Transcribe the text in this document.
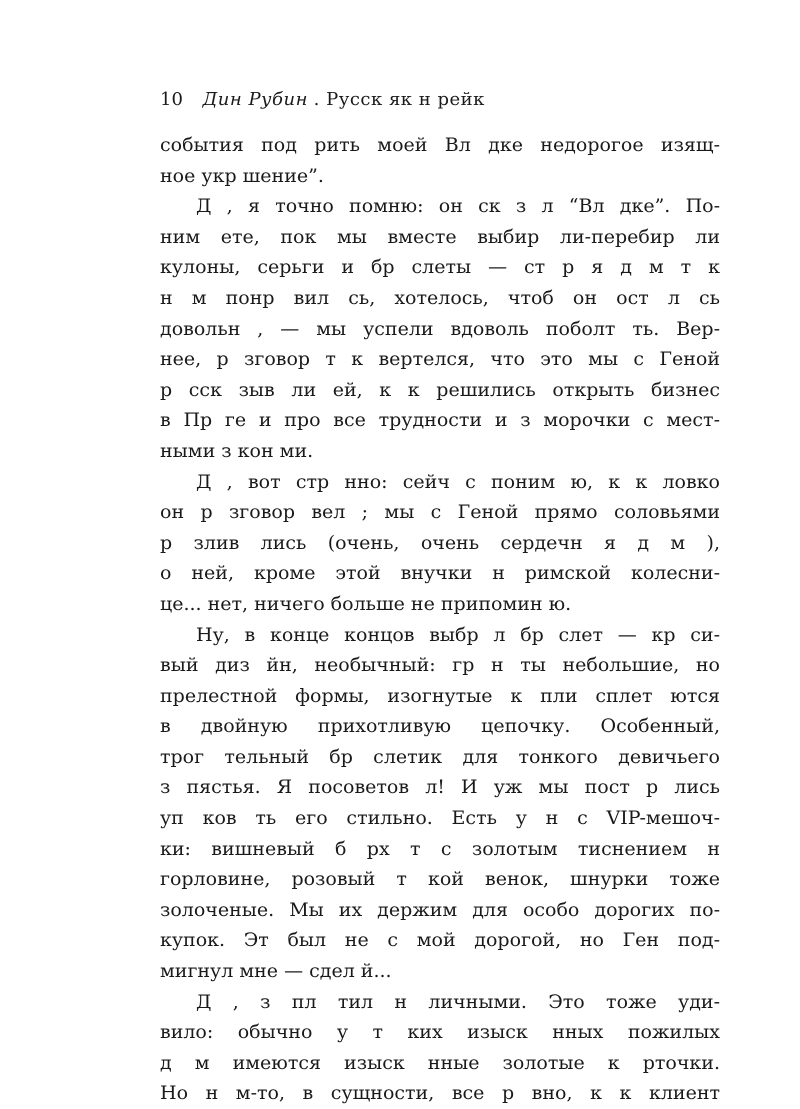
10 Дин Рубин . Русск як н рейк
события под рить моей Вл дке недорогое изящ-
ное укр шение”.
Д , я точно помню: он ск з л “Вл дке”. По-
ним ете, пок мы вместе выбир ли-перебир ли
кулоны, серьги и бр слеты — ст р я д м т к
н м понр вил сь, хотелось, чтоб он ост л сь
довольн , — мы успели вдоволь поболт ть. Вер-
нее, р зговор т к вертелся, что это мы с Геной
р сск зыв ли ей, к к решились открыть бизнес
в Пр ге и про все трудности и з морочки с мест-
ными з кон ми.
Д , вот стр нно: сейч с поним ю, к к ловко
он р зговор вел ; мы с Геной прямо соловьями
р злив лись (очень, очень сердечн я д м ),
о ней, кроме этой внучки н римской колесни-
це... нет, ничего больше не припомин ю.
Ну, в конце концов выбр л бр слет — кр си-
вый диз йн, необычный: гр н ты небольшие, но
прелестной формы, изогнутые к пли сплет ются
в двойную прихотливую цепочку. Особенный,
трог тельный бр слетик для тонкого девичьего
з пястья. Я посоветов л! И уж мы пост р лись
уп ков ть его стильно. Есть у н с VIP-мешоч-
ки: вишневый б рх т с золотым тиснением н
горловине, розовый т кой венок, шнурки тоже
золоченые. Мы их держим для особо дорогих по-
купок. Эт был не с мой дорогой, но Ген под-
мигнул мне — сдел й...
Д , з пл тил н личными. Это тоже уди-
вило: обычно у т ких изыск нных пожилых
д м имеются изыск нные золотые к рточки.
Но н м-то, в сущности, все р вно, к к клиент
